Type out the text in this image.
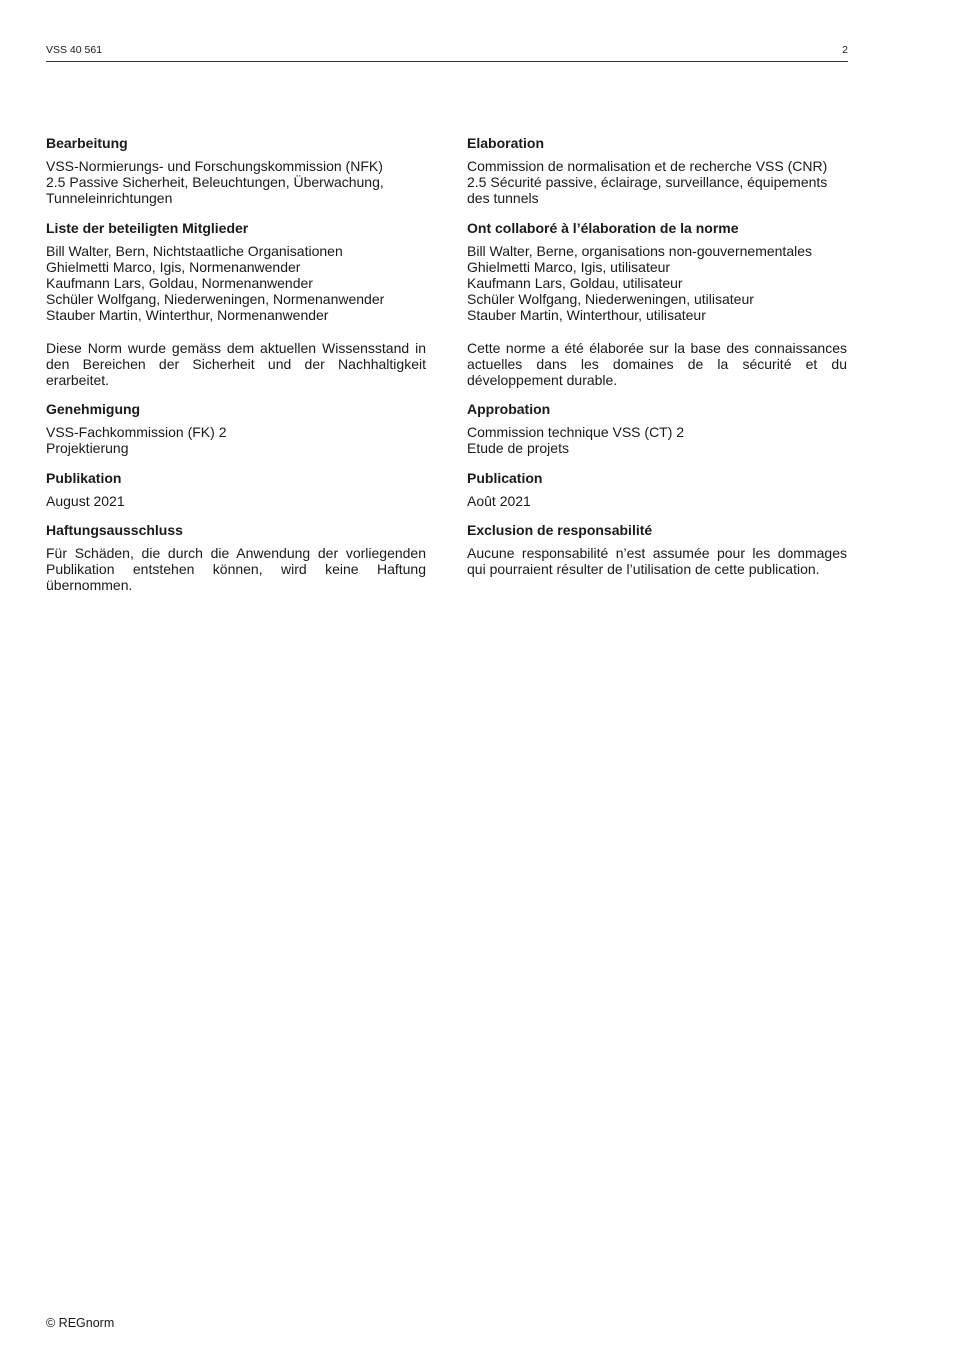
VSS 40 561	2
Bearbeitung
VSS-Normierungs- und Forschungskommission (NFK)
2.5 Passive Sicherheit, Beleuchtungen, Überwachung,
Tunneleinrichtungen
Liste der beteiligten Mitglieder
Bill Walter, Bern, Nichtstaatliche Organisationen
Ghielmetti Marco, Igis, Normenanwender
Kaufmann Lars, Goldau, Normenanwender
Schüler Wolfgang, Niederweningen, Normenanwender
Stauber Martin, Winterthur, Normenanwender

Diese Norm wurde gemäss dem aktuellen Wissensstand in den Bereichen der Sicherheit und der Nachhaltigkeit erarbeitet.

Genehmigung
VSS-Fachkommission (FK) 2
Projektierung
Publikation

August 2021

Haftungsausschluss

Für Schäden, die durch die Anwendung der vorliegenden Publikation entstehen können, wird keine Haftung übernommen.

Elaboration
Commission de normalisation et de recherche VSS (CNR)
2.5 Sécurité passive, éclairage, surveillance, équipements
des tunnels
Ont collaboré à l’élaboration de la norme
Bill Walter, Berne, organisations non-gouvernementales
Ghielmetti Marco, Igis, utilisateur
Kaufmann Lars, Goldau, utilisateur
Schüler Wolfgang, Niederweningen, utilisateur
Stauber Martin, Winterthour, utilisateur

Cette norme a été élaborée sur la base des connaissances actuelles dans les domaines de la sécurité et du développement durable.

Approbation
Commission technique VSS (CT) 2
Etude de projets
Publication

Août 2021

Exclusion de responsabilité

Aucune responsabilité n’est assumée pour les dommages qui pourraient résulter de l’utilisation de cette publication.

© REGnorm
